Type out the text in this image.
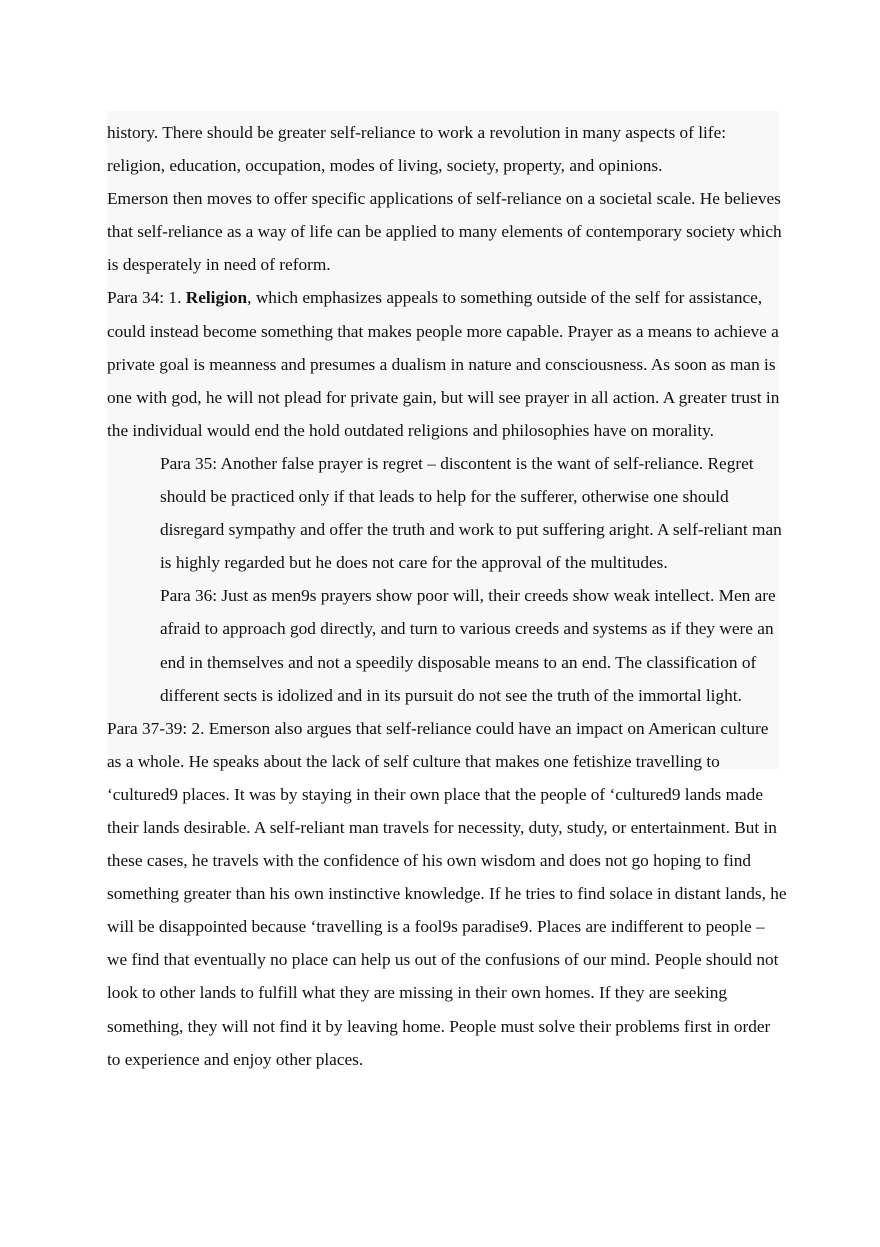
history. There should be greater self-reliance to work a revolution in many aspects of life: religion, education, occupation, modes of living, society, property, and opinions.

Emerson then moves to offer specific applications of self-reliance on a societal scale. He believes that self-reliance as a way of life can be applied to many elements of contemporary society which is desperately in need of reform.

Para 34: 1. Religion, which emphasizes appeals to something outside of the self for assistance, could instead become something that makes people more capable. Prayer as a means to achieve a private goal is meanness and presumes a dualism in nature and consciousness. As soon as man is one with god, he will not plead for private gain, but will see prayer in all action. A greater trust in the individual would end the hold outdated religions and philosophies have on morality.

Para 35: Another false prayer is regret – discontent is the want of self-reliance. Regret should be practiced only if that leads to help for the sufferer, otherwise one should disregard sympathy and offer the truth and work to put suffering aright. A self-reliant man is highly regarded but he does not care for the approval of the multitudes.

Para 36: Just as men9s prayers show poor will, their creeds show weak intellect. Men are afraid to approach god directly, and turn to various creeds and systems as if they were an end in themselves and not a speedily disposable means to an end. The classification of different sects is idolized and in its pursuit do not see the truth of the immortal light.

Para 37-39: 2. Emerson also argues that self-reliance could have an impact on American culture as a whole. He speaks about the lack of self culture that makes one fetishize travelling to ‘cultured9 places. It was by staying in their own place that the people of ‘cultured9 lands made their lands desirable. A self-reliant man travels for necessity, duty, study, or entertainment. But in these cases, he travels with the confidence of his own wisdom and does not go hoping to find something greater than his own instinctive knowledge. If he tries to find solace in distant lands, he will be disappointed because ‘travelling is a fool9s paradise9. Places are indifferent to people – we find that eventually no place can help us out of the confusions of our mind. People should not look to other lands to fulfill what they are missing in their own homes. If they are seeking something, they will not find it by leaving home. People must solve their problems first in order to experience and enjoy other places.
